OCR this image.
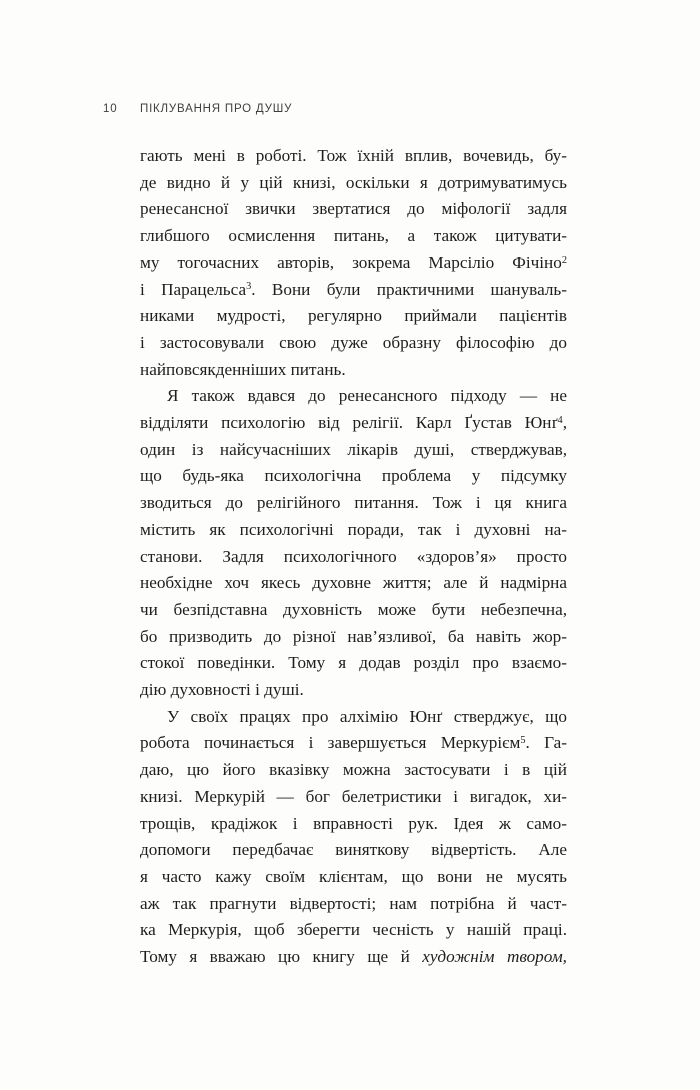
10 ПІКЛУВАННЯ ПРО ДУШУ
гають мені в роботі. Тож їхній вплив, вочевидь, бу-
де видно й у цій книзі, оскільки я дотримуватимусь
ренесансної звички звертатися до міфології задля
глибшого осмислення питань, а також цитувати-
му тогочасних авторів, зокрема Марсіліо Фічіно$^2$
і Парацельса$^3$. Вони були практичними шануваль-
никами мудрості, регулярно приймали пацієнтів
і застосовували свою дуже образну філософію до
найповсякденніших питань.
Я також вдався до ренесансного підходу — не
відділяти психологію від релігії. Карл Ґустав Юнґ$^4$,
один із найсучасніших лікарів душі, стверджував,
що будь-яка психологічна проблема у підсумку
зводиться до релігійного питання. Тож і ця книга
містить як психологічні поради, так і духовні на-
станови. Задля психологічного «здоров’я» просто
необхідне хоч якесь духовне життя; але й надмірна
чи безпідставна духовність може бути небезпечна,
бо призводить до різної нав’язливої, ба навіть жор-
стокої поведінки. Тому я додав розділ про взаємо-
дію духовності і душі.
У своїх працях про алхімію Юнґ стверджує, що
робота починається і завершується Меркурієм$^5$. Га-
даю, цю його вказівку можна застосувати і в цій
книзі. Меркурій — бог белетристики і вигадок, хи-
трощів, крадіжок і вправності рук. Ідея ж само-
допомоги передбачає виняткову відвертість. Але
я часто кажу своїм клієнтам, що вони не мусять
аж так прагнути відвертості; нам потрібна й част-
ка Меркурія, щоб зберегти чесність у нашій праці.
Тому я вважаю цю книгу ще й художнім твором,
